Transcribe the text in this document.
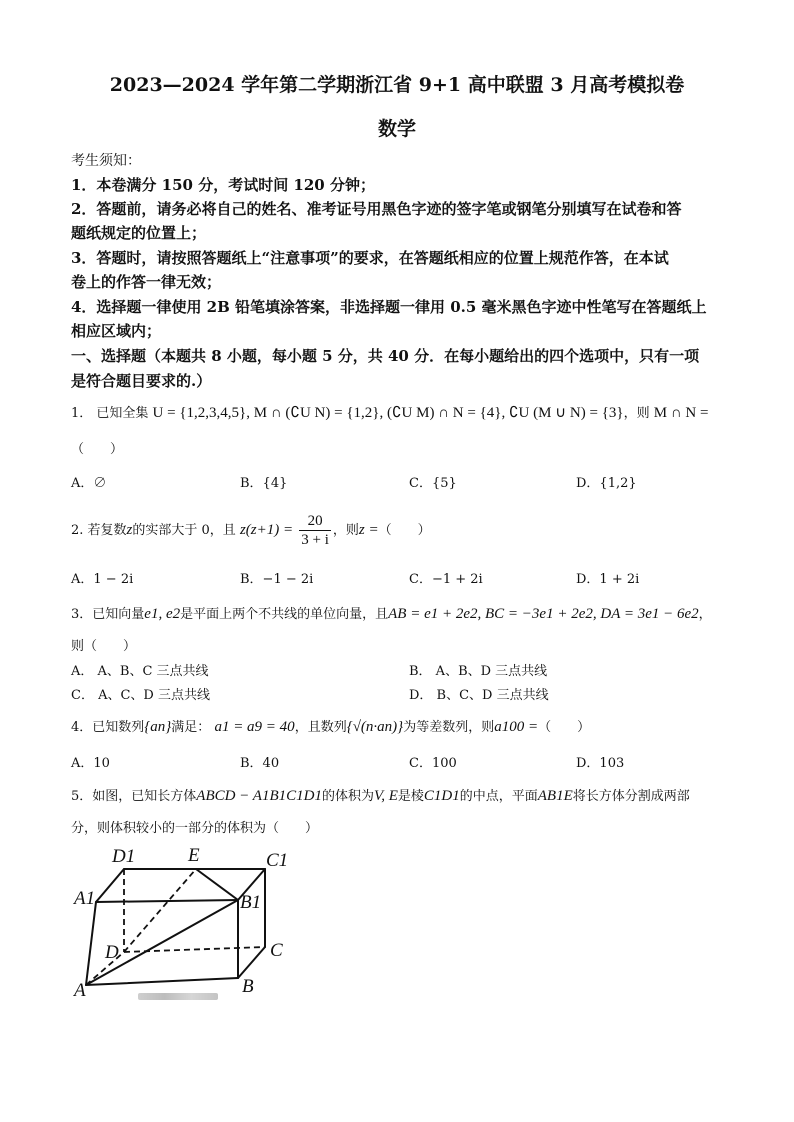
2023—2024 学年第二学期浙江省 9+1 高中联盟 3 月高考模拟卷
数学
考生须知：
1．本卷满分 150 分，考试时间 120 分钟；
2．答题前，请务必将自己的姓名、准考证号用黑色字迹的签字笔或钢笔分别填写在试卷和答
题纸规定的位置上；
3．答题时，请按照答题纸上“注意事项”的要求，在答题纸相应的位置上规范作答，在本试
卷上的作答一律无效；
4．选择题一律使用 2B 铅笔填涂答案，非选择题一律用 0.5 毫米黑色字迹中性笔写在答题纸上
相应区域内；
一、选择题（本题共 8 小题，每小题 5 分，共 40 分．在每小题给出的四个选项中，只有一项
是符合题目要求的.）
1． 已知全集 U = {1,2,3,4,5}, M ∩ (∁U N) = {1,2}, (∁U M) ∩ N = {4}, ∁U (M ∪ N) = {3}，则 M ∩ N =
（　　）
A．∅	B．{4}	C．{5}	D．{1,2}
2. 若复数z的实部大于 0，且 $z(z+1) = \frac{20}{3 + i}$ ，则z =（　　）
A．1 − 2i	B．−1 − 2i	C．−1 + 2i	D．1 + 2i
3．已知向量e1, e2是平面上两个不共线的单位向量，且AB = e1 + 2e2, BC = −3e1 + 2e2, DA = 3e1 − 6e2，
则（　　）
A． A、B、C 三点共线	B． A、B、D 三点共线
C． A、C、D 三点共线	D． B、C、D 三点共线
4．已知数列{an}满足： a1 = a9 = 40，且数列{√(n·an)}为等差数列，则a100 =（　　）
A．10	B．40	C．100	D．103
5．如图，已知长方体ABCD − A1B1C1D1的体积为V, E是棱C1D1的中点，平面AB1E将长方体分割成两部
分，则体积较小的一部分的体积为（　　）
D1	E	C1
A1	B1
D	C
A	B
